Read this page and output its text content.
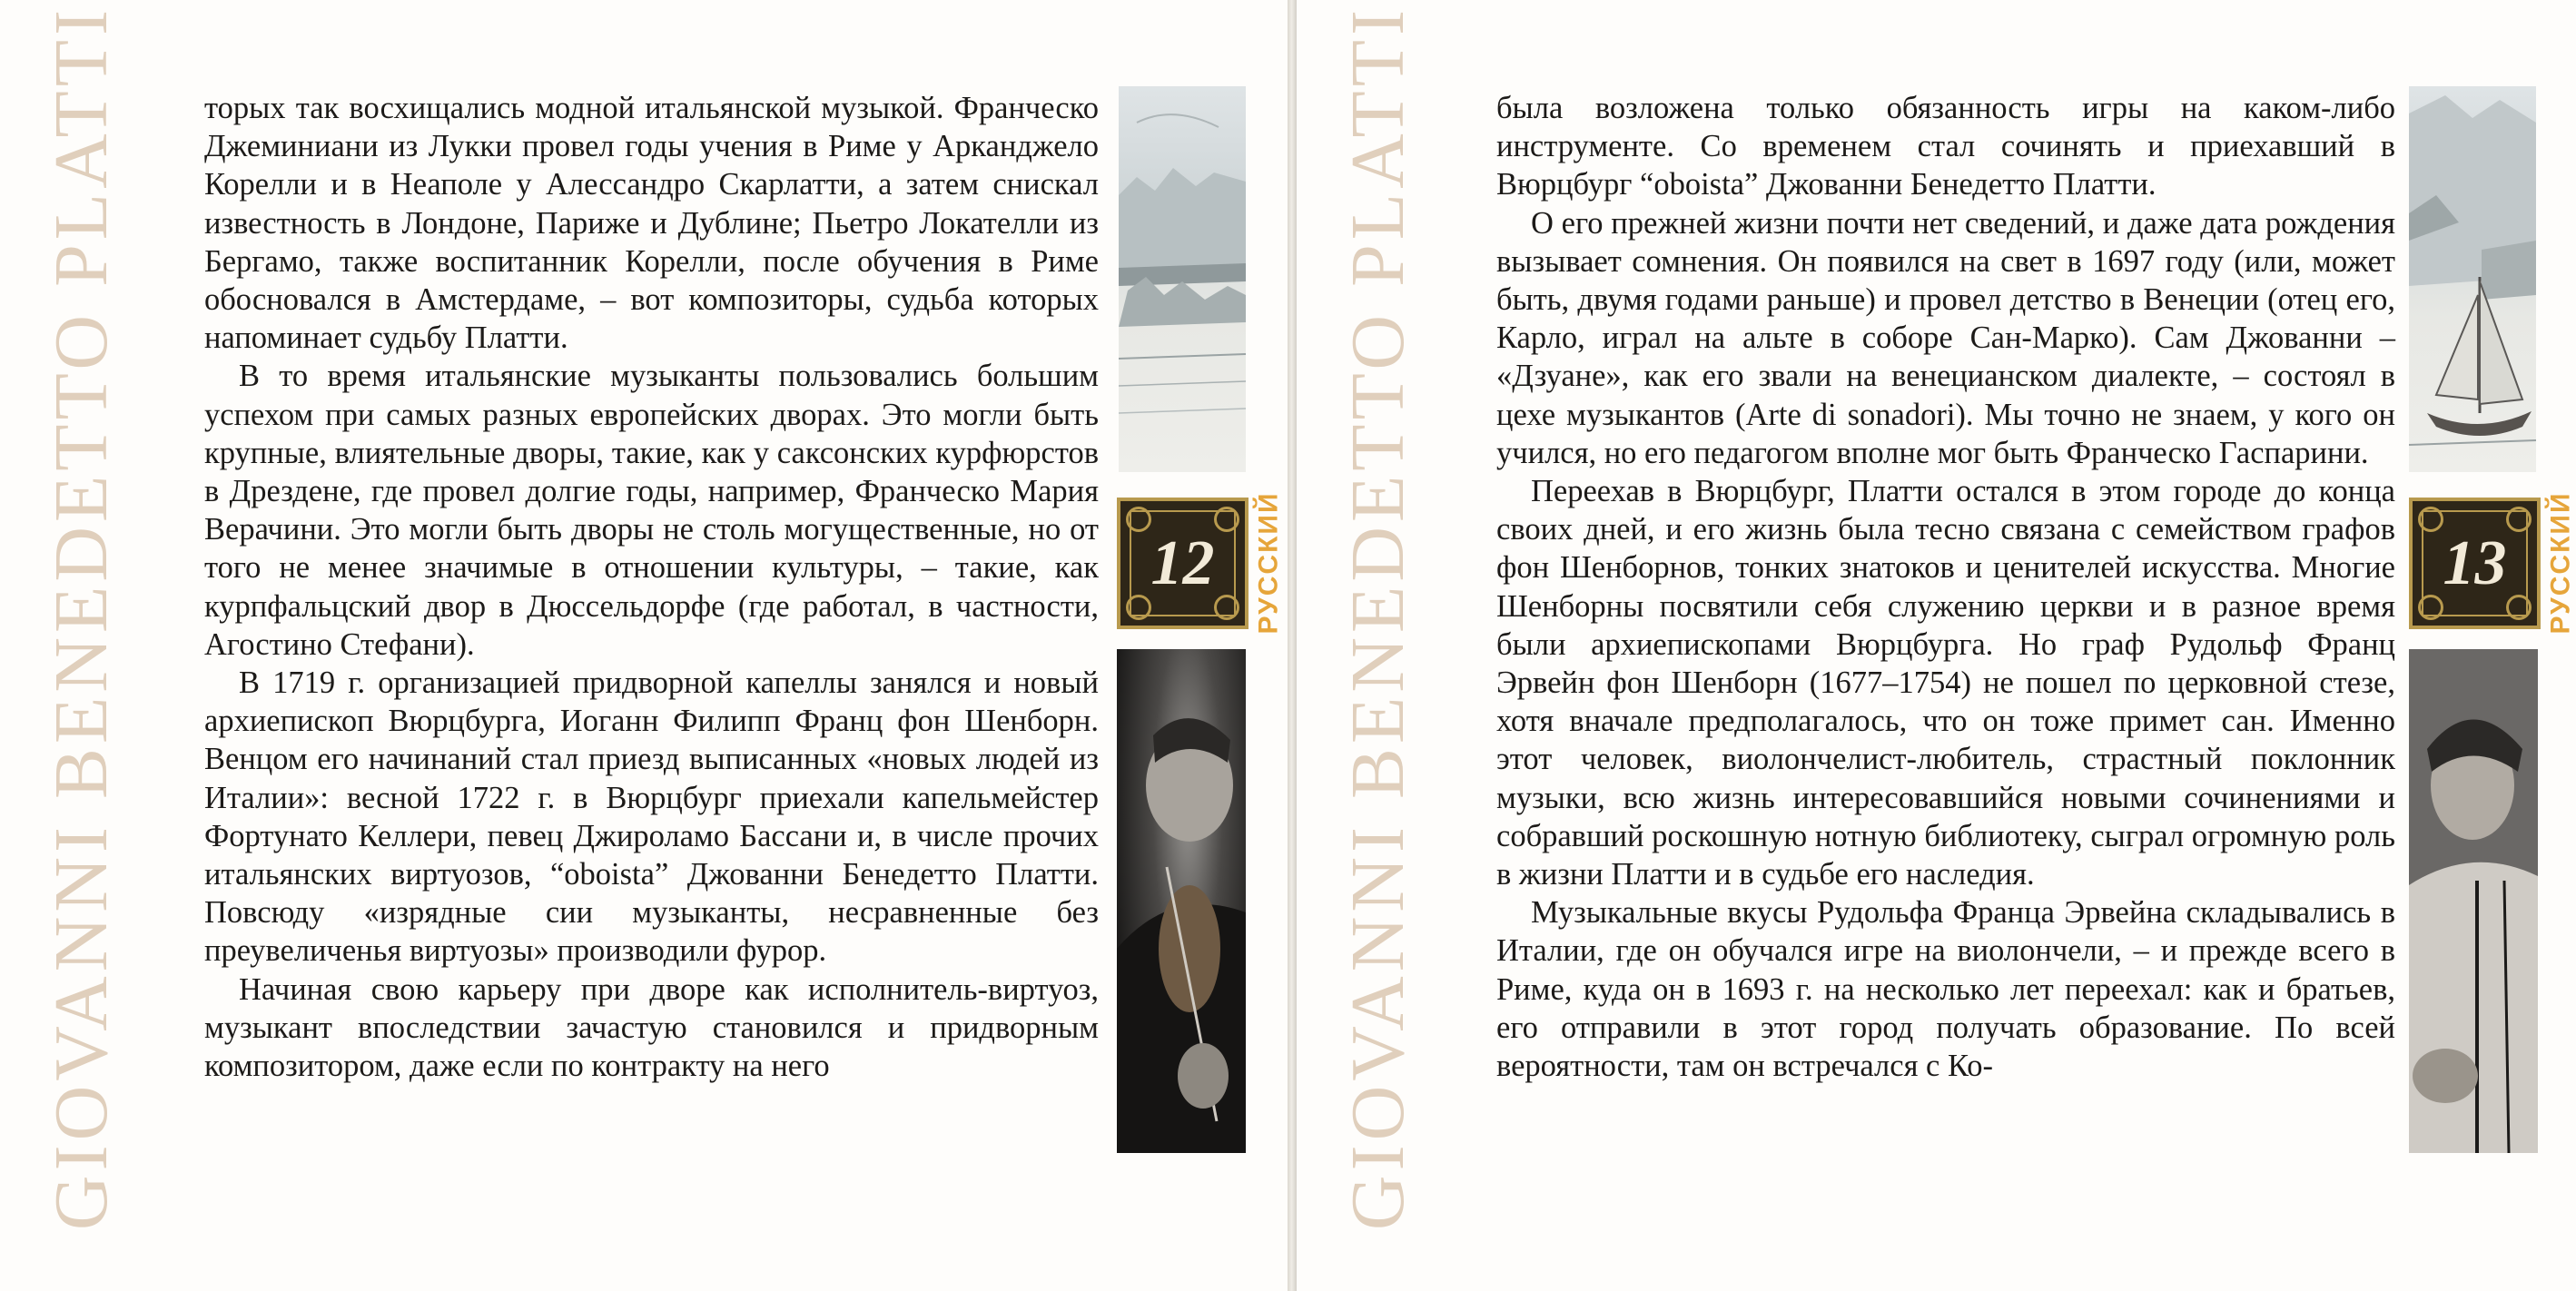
GIOVANNI BENEDETTO PLATTI	торых так восхищались модной итальянской музыкой. Франческо Джеминиани из Лукки провел годы учения в Риме у Арканджело Корелли и в Неаполе у Алессандро Скарлатти, а затем снискал известность в Лондоне, Париже и Дублине; Пьетро Локателли из Бергамо, также воспитанник Корелли, после обучения в Риме обосновался в Амстердаме, – вот композиторы, судьба которых напоминает судьбу Платти.

В то время итальянские музыканты пользовались большим успехом при самых разных европейских дворах. Это могли быть крупные, влиятельные дворы, такие, как у саксонских курфюрстов в Дрездене, где провел долгие годы, например, Франческо Мария Верачини. Это могли быть дворы не столь могущественные, но от того не менее значимые в отношении культуры, – такие, как курпфальцский двор в Дюссельдорфе (где работал, в частности, Агостино Стефани).

В 1719 г. организацией придворной капеллы занялся и новый архиепископ Вюрцбурга, Иоганн Филипп Франц фон Шенборн. Венцом его начинаний стал приезд выписанных «новых людей из Италии»: весной 1722 г. в Вюрцбург приехали капельмейстер Фортунато Келлери, певец Джироламо Бассани и, в числе прочих итальянских виртуозов, “oboista” Джованни Бенедетто Платти. Повсюду «изрядные сии музыканты, несравненные без преувеличенья виртуозы» производили фурор.

Начиная свою карьеру при дворе как исполнитель-виртуоз, музыкант впоследствии зачастую становился и придворным композитором, даже если по контракту на него

12 РУССКИЙ GIOVANNI BENEDETTO PLATTI была возложена только обязанность игры на каком-либо инструменте. Со временем стал сочинять и приехавший в Вюрцбург “oboista” Джованни Бенедетто Платти.

О его прежней жизни почти нет сведений, и даже дата рождения вызывает сомнения. Он появился на свет в 1697 году (или, может быть, двумя годами раньше) и провел детство в Венеции (отец его, Карло, играл на альте в соборе Сан-Марко). Сам Джованни – «Дзуане», как его звали на венецианском диалекте, – состоял в цехе музыкантов (Arte di sonadori). Мы точно не знаем, у кого он учился, но его педагогом вполне мог быть Франческо Гаспарини.

Переехав в Вюрцбург, Платти остался в этом городе до конца своих дней, и его жизнь была тесно связана с семейством графов фон Шенборнов, тонких знатоков и ценителей искусства. Многие Шенборны посвятили себя служению церкви и в разное время были архиепископами Вюрцбурга. Но граф Рудольф Франц Эрвейн фон Шенборн (1677–1754) не пошел по церковной стезе, хотя вначале предполагалось, что он тоже примет сан. Именно этот человек, виолончелист-любитель, страстный поклонник музыки, всю жизнь интересовавшийся новыми сочинениями и собравший роскошную нотную библиотеку, сыграл огромную роль в жизни Платти и в судьбе его наследия.

Музыкальные вкусы Рудольфа Франца Эрвейна складывались в Италии, где он обучался игре на виолончели, – и прежде всего в Риме, куда он в 1693 г. на несколько лет переехал: как и братьев, его отправили в этот город получать образование. По всей вероятности, там он встречался с Ко-

13 РУССКИЙ
